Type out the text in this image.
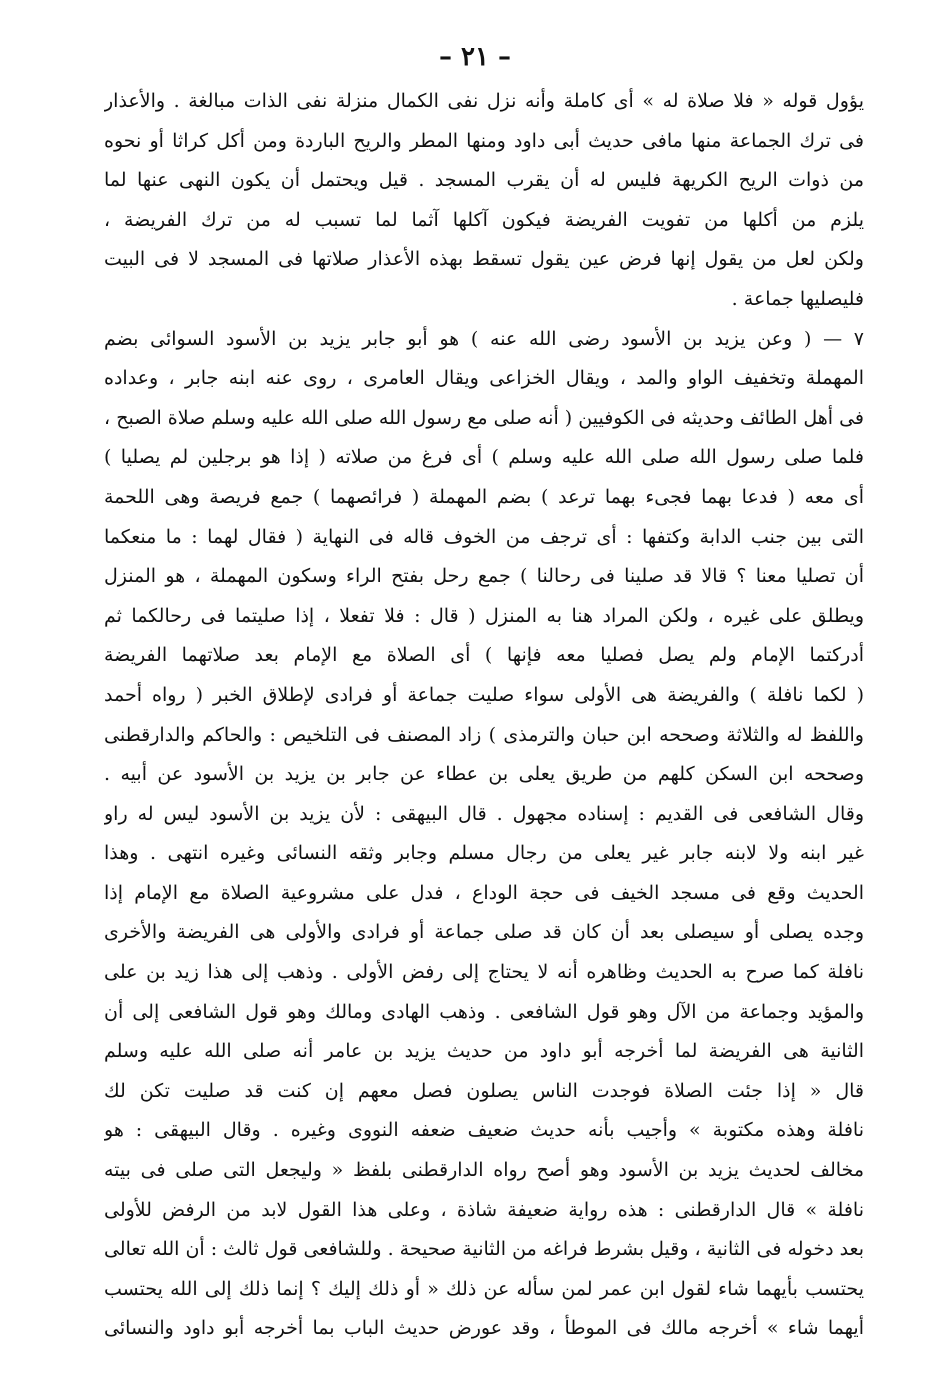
– ٢١ –
يؤول قوله « فلا صلاة له » أى كاملة وأنه نزل نفى الكمال منزلة نفى الذات مبالغة . والأعذار
فى ترك الجماعة منها مافى حديث أبى داود ومنها المطر والريح الباردة ومن أكل كراثا أو نحوه
من ذوات الريح الكريهة فليس له أن يقرب المسجد . قيل ويحتمل أن يكون النهى عنها لما
يلزم من أكلها من تفويت الفريضة فيكون آكلها آثما لما تسبب له من ترك الفريضة ،
ولكن لعل من يقول إنها فرض عين يقول تسقط بهذه الأعذار صلاتها فى المسجد لا فى البيت
فليصليها جماعة .
٧ — ( وعن يزيد بن الأسود رضى الله عنه ) هو أبو جابر يزيد بن الأسود السوائى بضم
المهملة وتخفيف الواو والمد ، ويقال الخزاعى ويقال العامرى ، روى عنه ابنه جابر ، وعداده
فى أهل الطائف وحديثه فى الكوفيين ( أنه صلى مع رسول الله صلى الله عليه وسلم صلاة الصبح ،
فلما صلى رسول الله صلى الله عليه وسلم ) أى فرغ من صلاته ( إذا هو برجلين لم يصليا )
أى معه ( فدعا بهما فجىء بهما ترعد ) بضم المهملة ( فرائصهما ) جمع فريصة وهى اللحمة
التى بين جنب الدابة وكتفها : أى ترجف من الخوف قاله فى النهاية ( فقال لهما : ما منعكما
أن تصليا معنا ؟ قالا قد صلينا فى رحالنا ) جمع رحل بفتح الراء وسكون المهملة ، هو المنزل
ويطلق على غيره ، ولكن المراد هنا به المنزل ( قال : فلا تفعلا ، إذا صليتما فى رحالكما ثم
أدركتما الإمام ولم يصل فصليا معه فإنها ) أى الصلاة مع الإمام بعد صلاتهما الفريضة
( لكما نافلة ) والفريضة هى الأولى سواء صليت جماعة أو فرادى لإطلاق الخبر ( رواه أحمد
واللفظ له والثلاثة وصححه ابن حبان والترمذى ) زاد المصنف فى التلخيص : والحاكم والدارقطنى
وصححه ابن السكن كلهم من طريق يعلى بن عطاء عن جابر بن يزيد بن الأسود عن أبيه .
وقال الشافعى فى القديم : إسناده مجهول . قال البيهقى : لأن يزيد بن الأسود ليس له راو
غير ابنه ولا لابنه جابر غير يعلى من رجال مسلم وجابر وثقه النسائى وغيره انتهى . وهذا
الحديث وقع فى مسجد الخيف فى حجة الوداع ، فدل على مشروعية الصلاة مع الإمام إذا
وجده يصلى أو سيصلى بعد أن كان قد صلى جماعة أو فرادى والأولى هى الفريضة والأخرى
نافلة كما صرح به الحديث وظاهره أنه لا يحتاج إلى رفض الأولى . وذهب إلى هذا زيد بن على
والمؤيد وجماعة من الآل وهو قول الشافعى . وذهب الهادى ومالك وهو قول الشافعى إلى أن
الثانية هى الفريضة لما أخرجه أبو داود من حديث يزيد بن عامر أنه صلى الله عليه وسلم
قال « إذا جئت الصلاة فوجدت الناس يصلون فصل معهم إن كنت قد صليت تكن لك
نافلة وهذه مكتوبة » وأجيب بأنه حديث ضعيف ضعفه النووى وغيره . وقال البيهقى : هو
مخالف لحديث يزيد بن الأسود وهو أصح رواه الدارقطنى بلفظ « وليجعل التى صلى فى بيته
نافلة » قال الدارقطنى : هذه رواية ضعيفة شاذة ، وعلى هذا القول لابد من الرفض للأولى
بعد دخوله فى الثانية ، وقيل بشرط فراغه من الثانية صحيحة . وللشافعى قول ثالث : أن الله تعالى
يحتسب بأيهما شاء لقول ابن عمر لمن سأله عن ذلك « أو ذلك إليك ؟ إنما ذلك إلى الله يحتسب
أيهما شاء » أخرجه مالك فى الموطأ ، وقد عورض حديث الباب بما أخرجه أبو داود والنسائى
